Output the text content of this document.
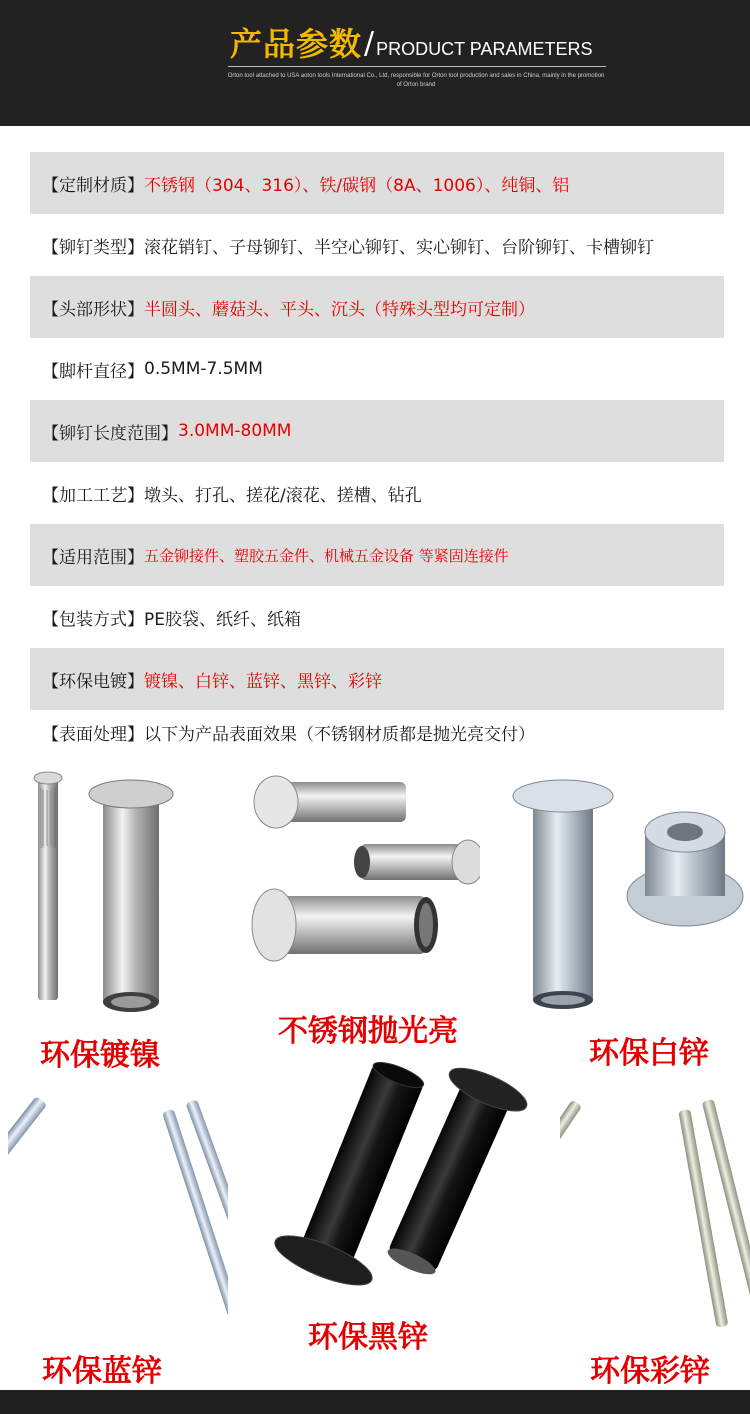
产品参数 / PRODUCT PARAMETERS
Orton tool attached to USA aoton tools International Co., Ltd, responsible for Orton tool production and sales in China, mainly in the promotion of Orton brand
【定制材质】 不锈钢（304、316）、铁/碳钢（8A、1006）、纯铜、铝
【铆钉类型】 滚花销钉、子母铆钉、半空心铆钉、实心铆钉、台阶铆钉、卡槽铆钉
【头部形状】 半圆头、蘑菇头、平头、沉头（特殊头型均可定制）
【脚杆直径】 0.5MM-7.5MM
【铆钉长度范围】 3.0MM-80MM
【加工工艺】 墩头、打孔、搓花/滚花、搓槽、钻孔
【适用范围】 五金铆接件、塑胶五金件、机械五金设备 等紧固连接件
【包装方式】 PE胶袋、纸纤、纸箱
【环保电镀】 镀镍、白锌、蓝锌、黑锌、彩锌
【表面处理】 以下为产品表面效果（不锈钢材质都是抛光亮交付）
环保镀镍
不锈钢抛光亮
环保白锌
环保蓝锌
环保黑锌
环保彩锌
